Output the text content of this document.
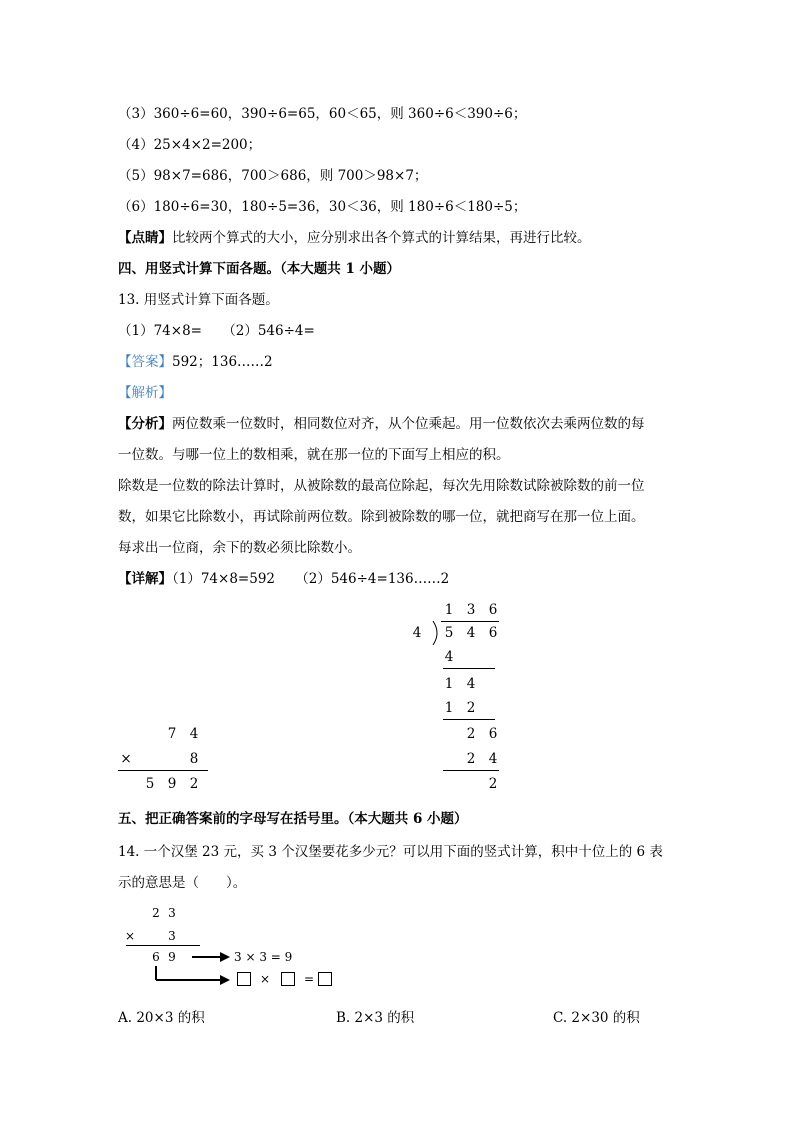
（3）360÷6=60，390÷6=65，60＜65，则 360÷6＜390÷6；
（4）25×4×2=200；
（5）98×7=686，700＞686，则 700＞98×7；
（6）180÷6=30，180÷5=36，30＜36，则 180÷6＜180÷5；
【点睛】比较两个算式的大小，应分别求出各个算式的计算结果，再进行比较。
四、用竖式计算下面各题。（本大题共 1 小题）
13. 用竖式计算下面各题。
（1）74×8=　　（2）546÷4=
【答案】592；136……2
【解析】
【分析】两位数乘一位数时，相同数位对齐，从个位乘起。用一位数依次去乘两位数的每
一位数。与哪一位上的数相乘，就在那一位的下面写上相应的积。
除数是一位数的除法计算时，从被除数的最高位除起，每次先用除数试除被除数的前一位
数，如果它比除数小，再试除前两位数。除到被除数的哪一位，就把商写在那一位上面。
每求出一位商，余下的数必须比除数小。
【详解】（1）74×8=592　　（2）546÷4=136……2
7 4
×	8
5 9 2
1 3 6
4 5 4 6
4
1 4
1 2
2 6
2 4
2
五、把正确答案前的字母写在括号里。（本大题共 6 小题）
14. 一个汉堡 23 元，买 3 个汉堡要花多少元？可以用下面的竖式计算，积中十位上的 6 表
示的意思是（　　）。
2 3
×	3
6 9	3 × 3 = 9
×	=
A. 20×3 的积	B. 2×3 的积	C. 2×30 的积
